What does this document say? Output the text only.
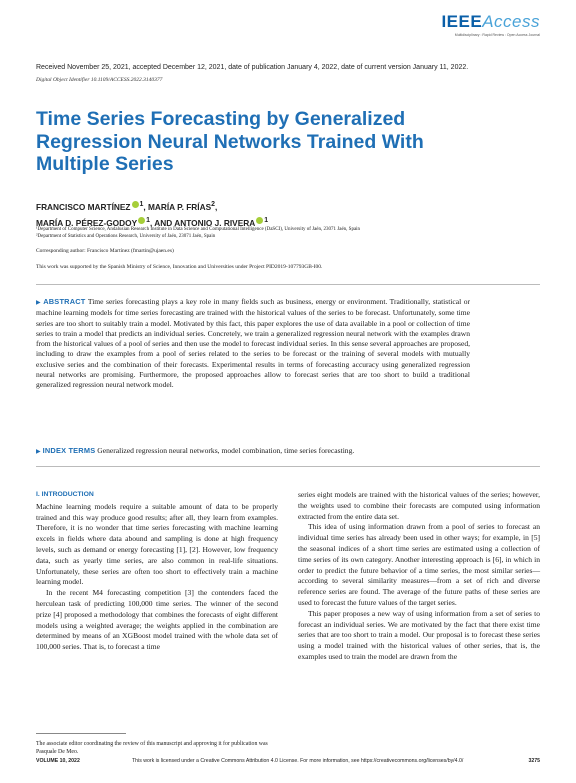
IEEEAccess
Multidisciplinary : Rapid Review : Open Access Journal
Received November 25, 2021, accepted December 12, 2021, date of publication January 4, 2022, date of current version January 11, 2022.
Digital Object Identifier 10.1109/ACCESS.2022.3140377
Time Series Forecasting by Generalized Regression Neural Networks Trained With Multiple Series
FRANCISCO MARTÍNEZ $^1$, MARÍA P. FRÍAS$^2$,
MARÍA D. PÉREZ-GODOY $^1$, AND ANTONIO J. RIVERA $^1$
¹Department of Computer Science, Andalusian Research Institute in Data Science and Computational Intelligence (DaSCI), University of Jaén, 23071 Jaén, Spain
²Department of Statistics and Operations Research, University of Jaén, 23071 Jaén, Spain
Corresponding author: Francisco Martínez (fmartin@ujaen.es)
This work was supported by the Spanish Ministry of Science, Innovation and Universities under Project PID2019-107793GB-I00.
▶ ABSTRACT Time series forecasting plays a key role in many fields such as business, energy or environment. Traditionally, statistical or machine learning models for time series forecasting are trained with the historical values of the series to be forecast. Unfortunately, some time series are too short to suitably train a model. Motivated by this fact, this paper explores the use of data available in a pool or collection of time series to train a model that predicts an individual series. Concretely, we train a generalized regression neural network with the examples drawn from the historical values of a pool of series and then use the model to forecast individual series. In this sense several approaches are proposed, including to draw the examples from a pool of series related to the series to be forecast or the training of several models with mutually exclusive series and the combination of their forecasts. Experimental results in terms of forecasting accuracy using generalized regression neural networks are promising. Furthermore, the proposed approaches allow to forecast series that are too short to build a traditional generalized regression neural network model.
▶ INDEX TERMS Generalized regression neural networks, model combination, time series forecasting.
I. INTRODUCTION

Machine learning models require a suitable amount of data to be properly trained and this way produce good results; after all, they learn from examples. Therefore, it is no wonder that time series forecasting with machine learning excels in fields where data abound and sampling is done at high frequency levels, such as demand or energy forecasting [1], [2]. However, low frequency data, such as yearly time series, are also common in real-life situations. Unfortunately, these series are often too short to effectively train a machine learning model.

In the recent M4 forecasting competition [3] the contenders faced the herculean task of predicting 100,000 time series. The winner of the second prize [4] proposed a methodology that combines the forecasts of eight different models using a weighted average; the weights applied in the combination are determined by means of an XGBoost model trained with the whole data set of 100,000 series. That is, to forecast a time

series eight models are trained with the historical values of the series; however, the weights used to combine their forecasts are computed using information extracted from the entire data set.

This idea of using information drawn from a pool of series to forecast an individual time series has already been used in other ways; for example, in [5] the seasonal indices of a short time series are estimated using a collection of time series of its own category. Another interesting approach is [6], in which in order to predict the future behavior of a time series, the most similar series—according to several similarity measures—from a set of rich and diverse reference series are found. The average of the future paths of these series are used to forecast the future values of the target series.

This paper proposes a new way of using information from a set of series to forecast an individual series. We are motivated by the fact that there exist time series that are too short to train a model. Our proposal is to forecast these series using a model trained with the historical values of other series, that is, the examples used to train the model are drawn from the

The associate editor coordinating the review of this manuscript and approving it for publication was Pasquale De Meo.
VOLUME 10, 2022	This work is licensed under a Creative Commons Attribution 4.0 License. For more information, see https://creativecommons.org/licenses/by/4.0/	3275
